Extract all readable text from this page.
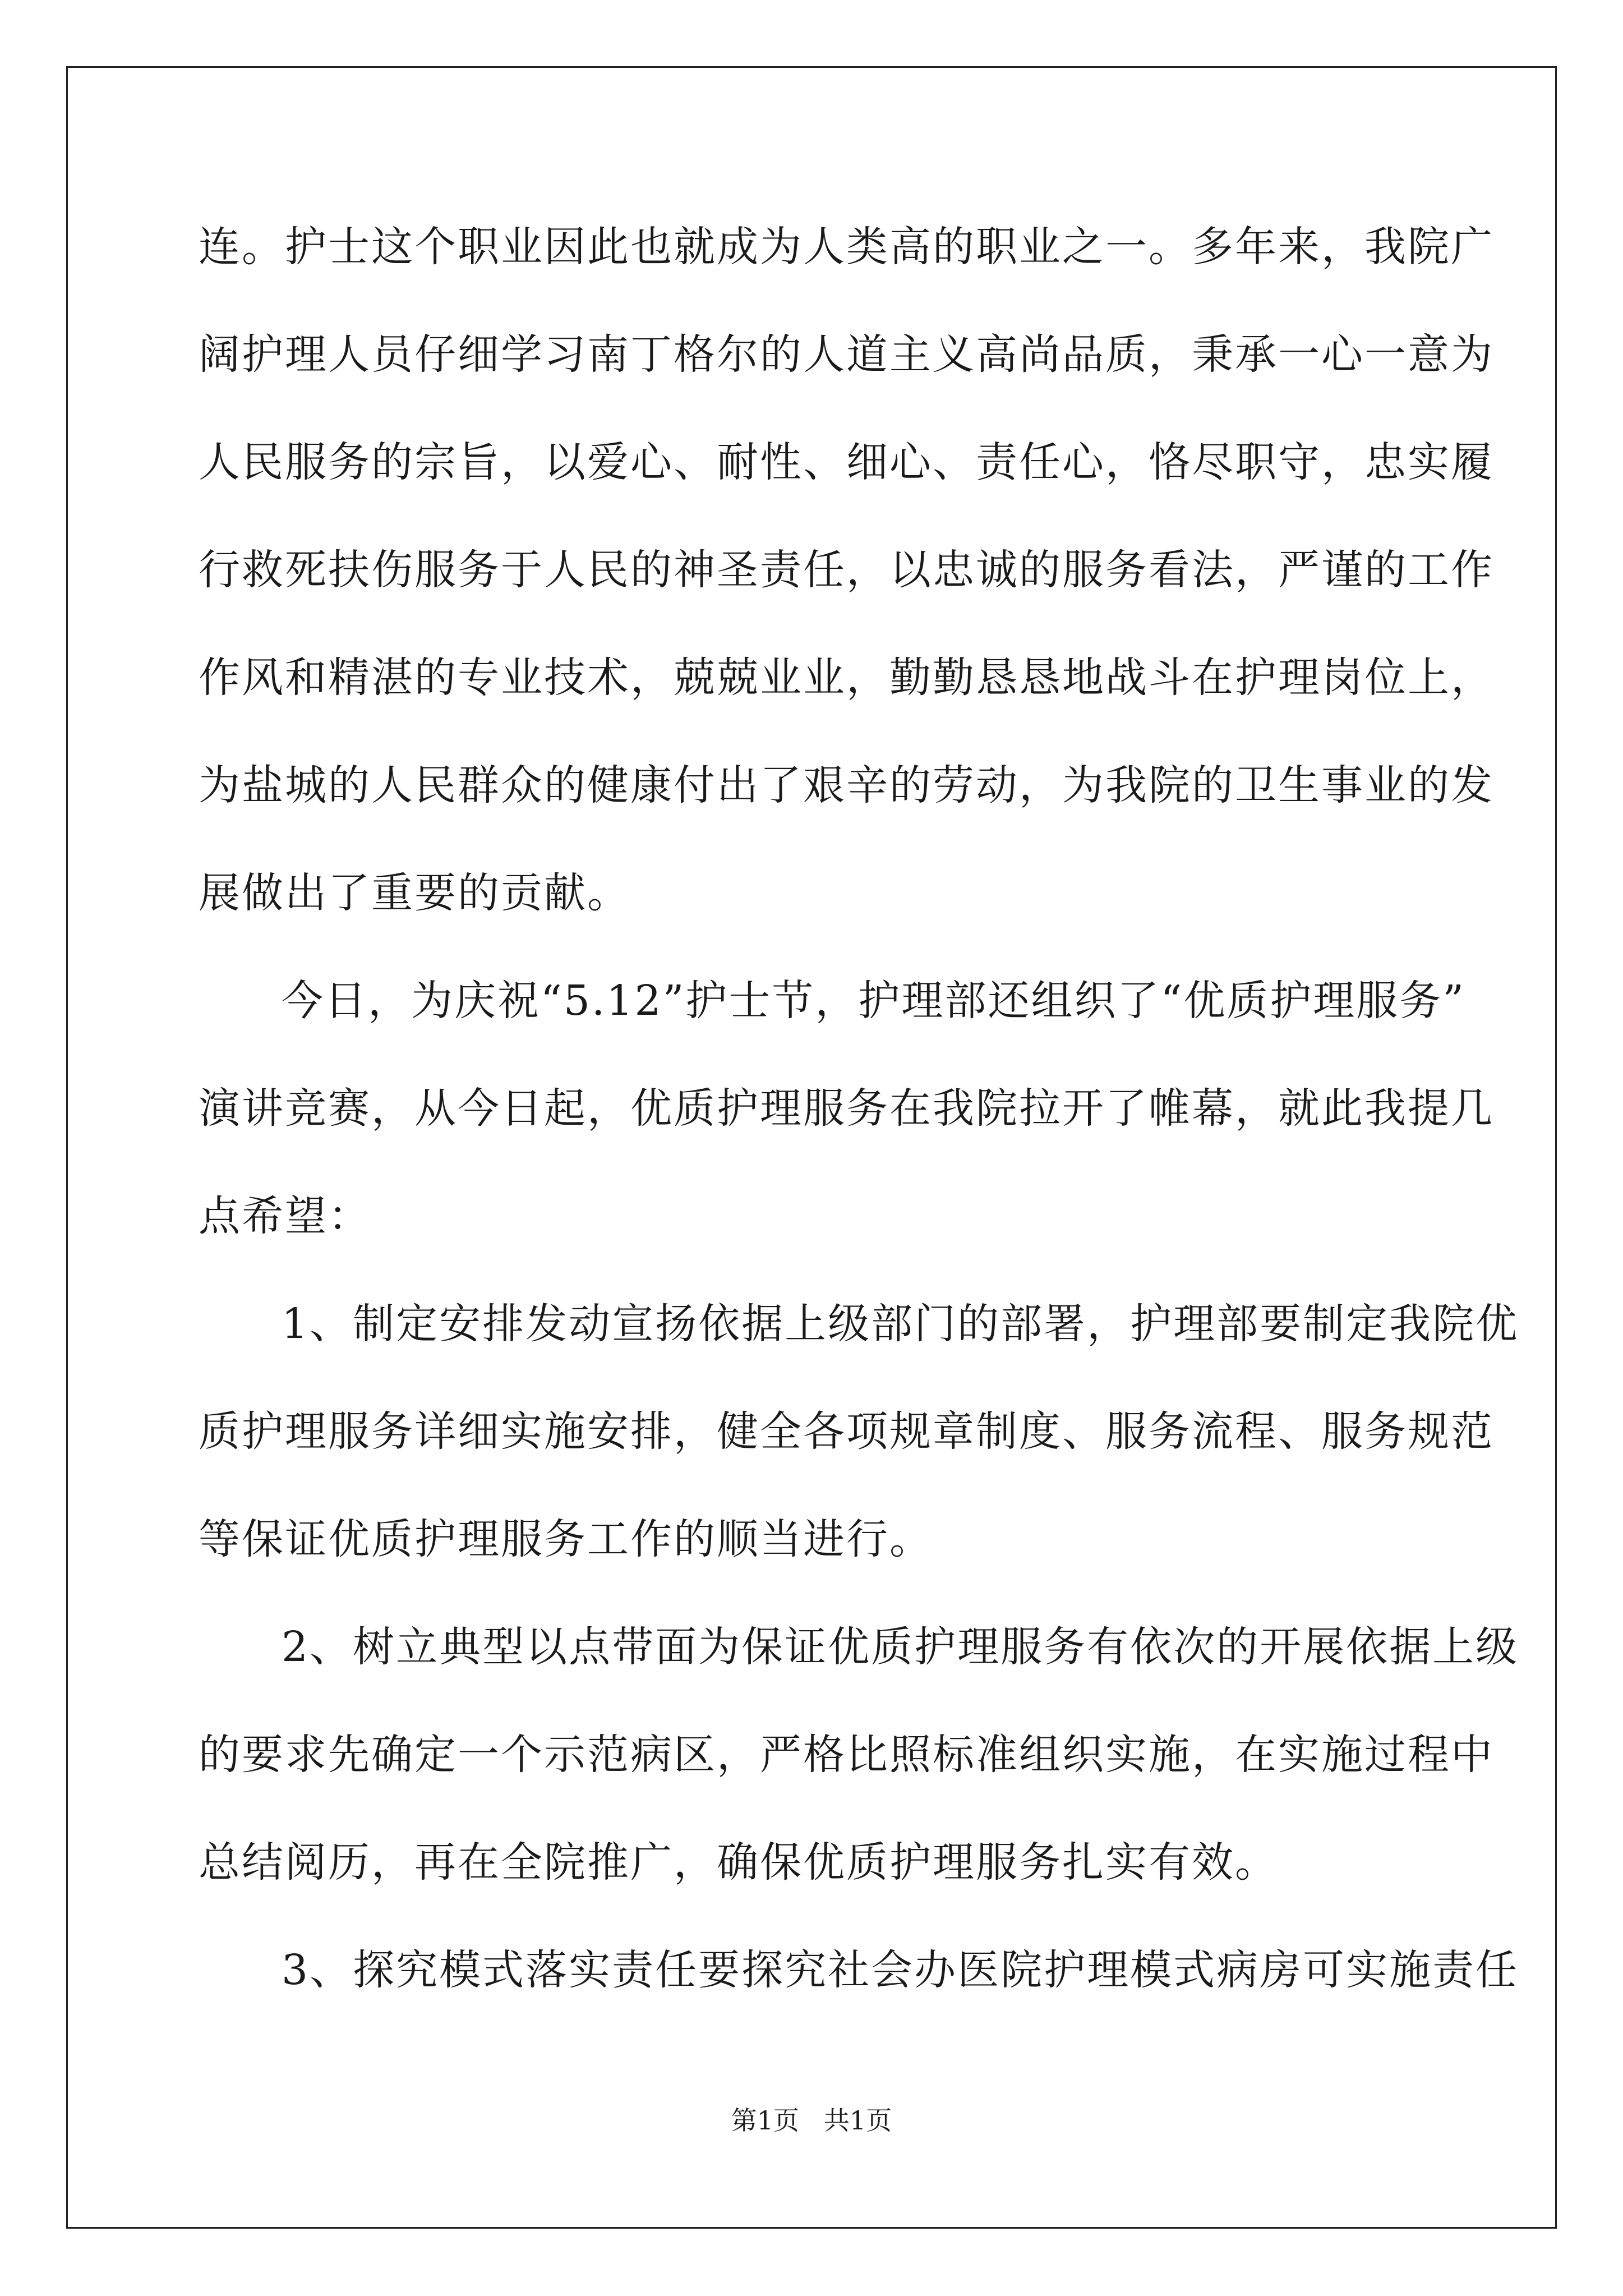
连。护士这个职业因此也就成为人类高的职业之一。多年来，我院广
阔护理人员仔细学习南丁格尔的人道主义高尚品质，秉承一心一意为
人民服务的宗旨，以爱心、耐性、细心、责任心，恪尽职守，忠实履
行救死扶伤服务于人民的神圣责任，以忠诚的服务看法，严谨的工作
作风和精湛的专业技术，兢兢业业，勤勤恳恳地战斗在护理岗位上，
为盐城的人民群众的健康付出了艰辛的劳动，为我院的卫生事业的发
展做出了重要的贡献。
今日，为庆祝“5.12”护士节，护理部还组织了“优质护理服务”
演讲竞赛，从今日起，优质护理服务在我院拉开了帷幕，就此我提几
点希望：
1、制定安排发动宣扬依据上级部门的部署，护理部要制定我院优
质护理服务详细实施安排，健全各项规章制度、服务流程、服务规范
等保证优质护理服务工作的顺当进行。
2、树立典型以点带面为保证优质护理服务有依次的开展依据上级
的要求先确定一个示范病区，严格比照标准组织实施，在实施过程中
总结阅历，再在全院推广，确保优质护理服务扎实有效。
3、探究模式落实责任要探究社会办医院护理模式病房可实施责任
第1页   共1页
